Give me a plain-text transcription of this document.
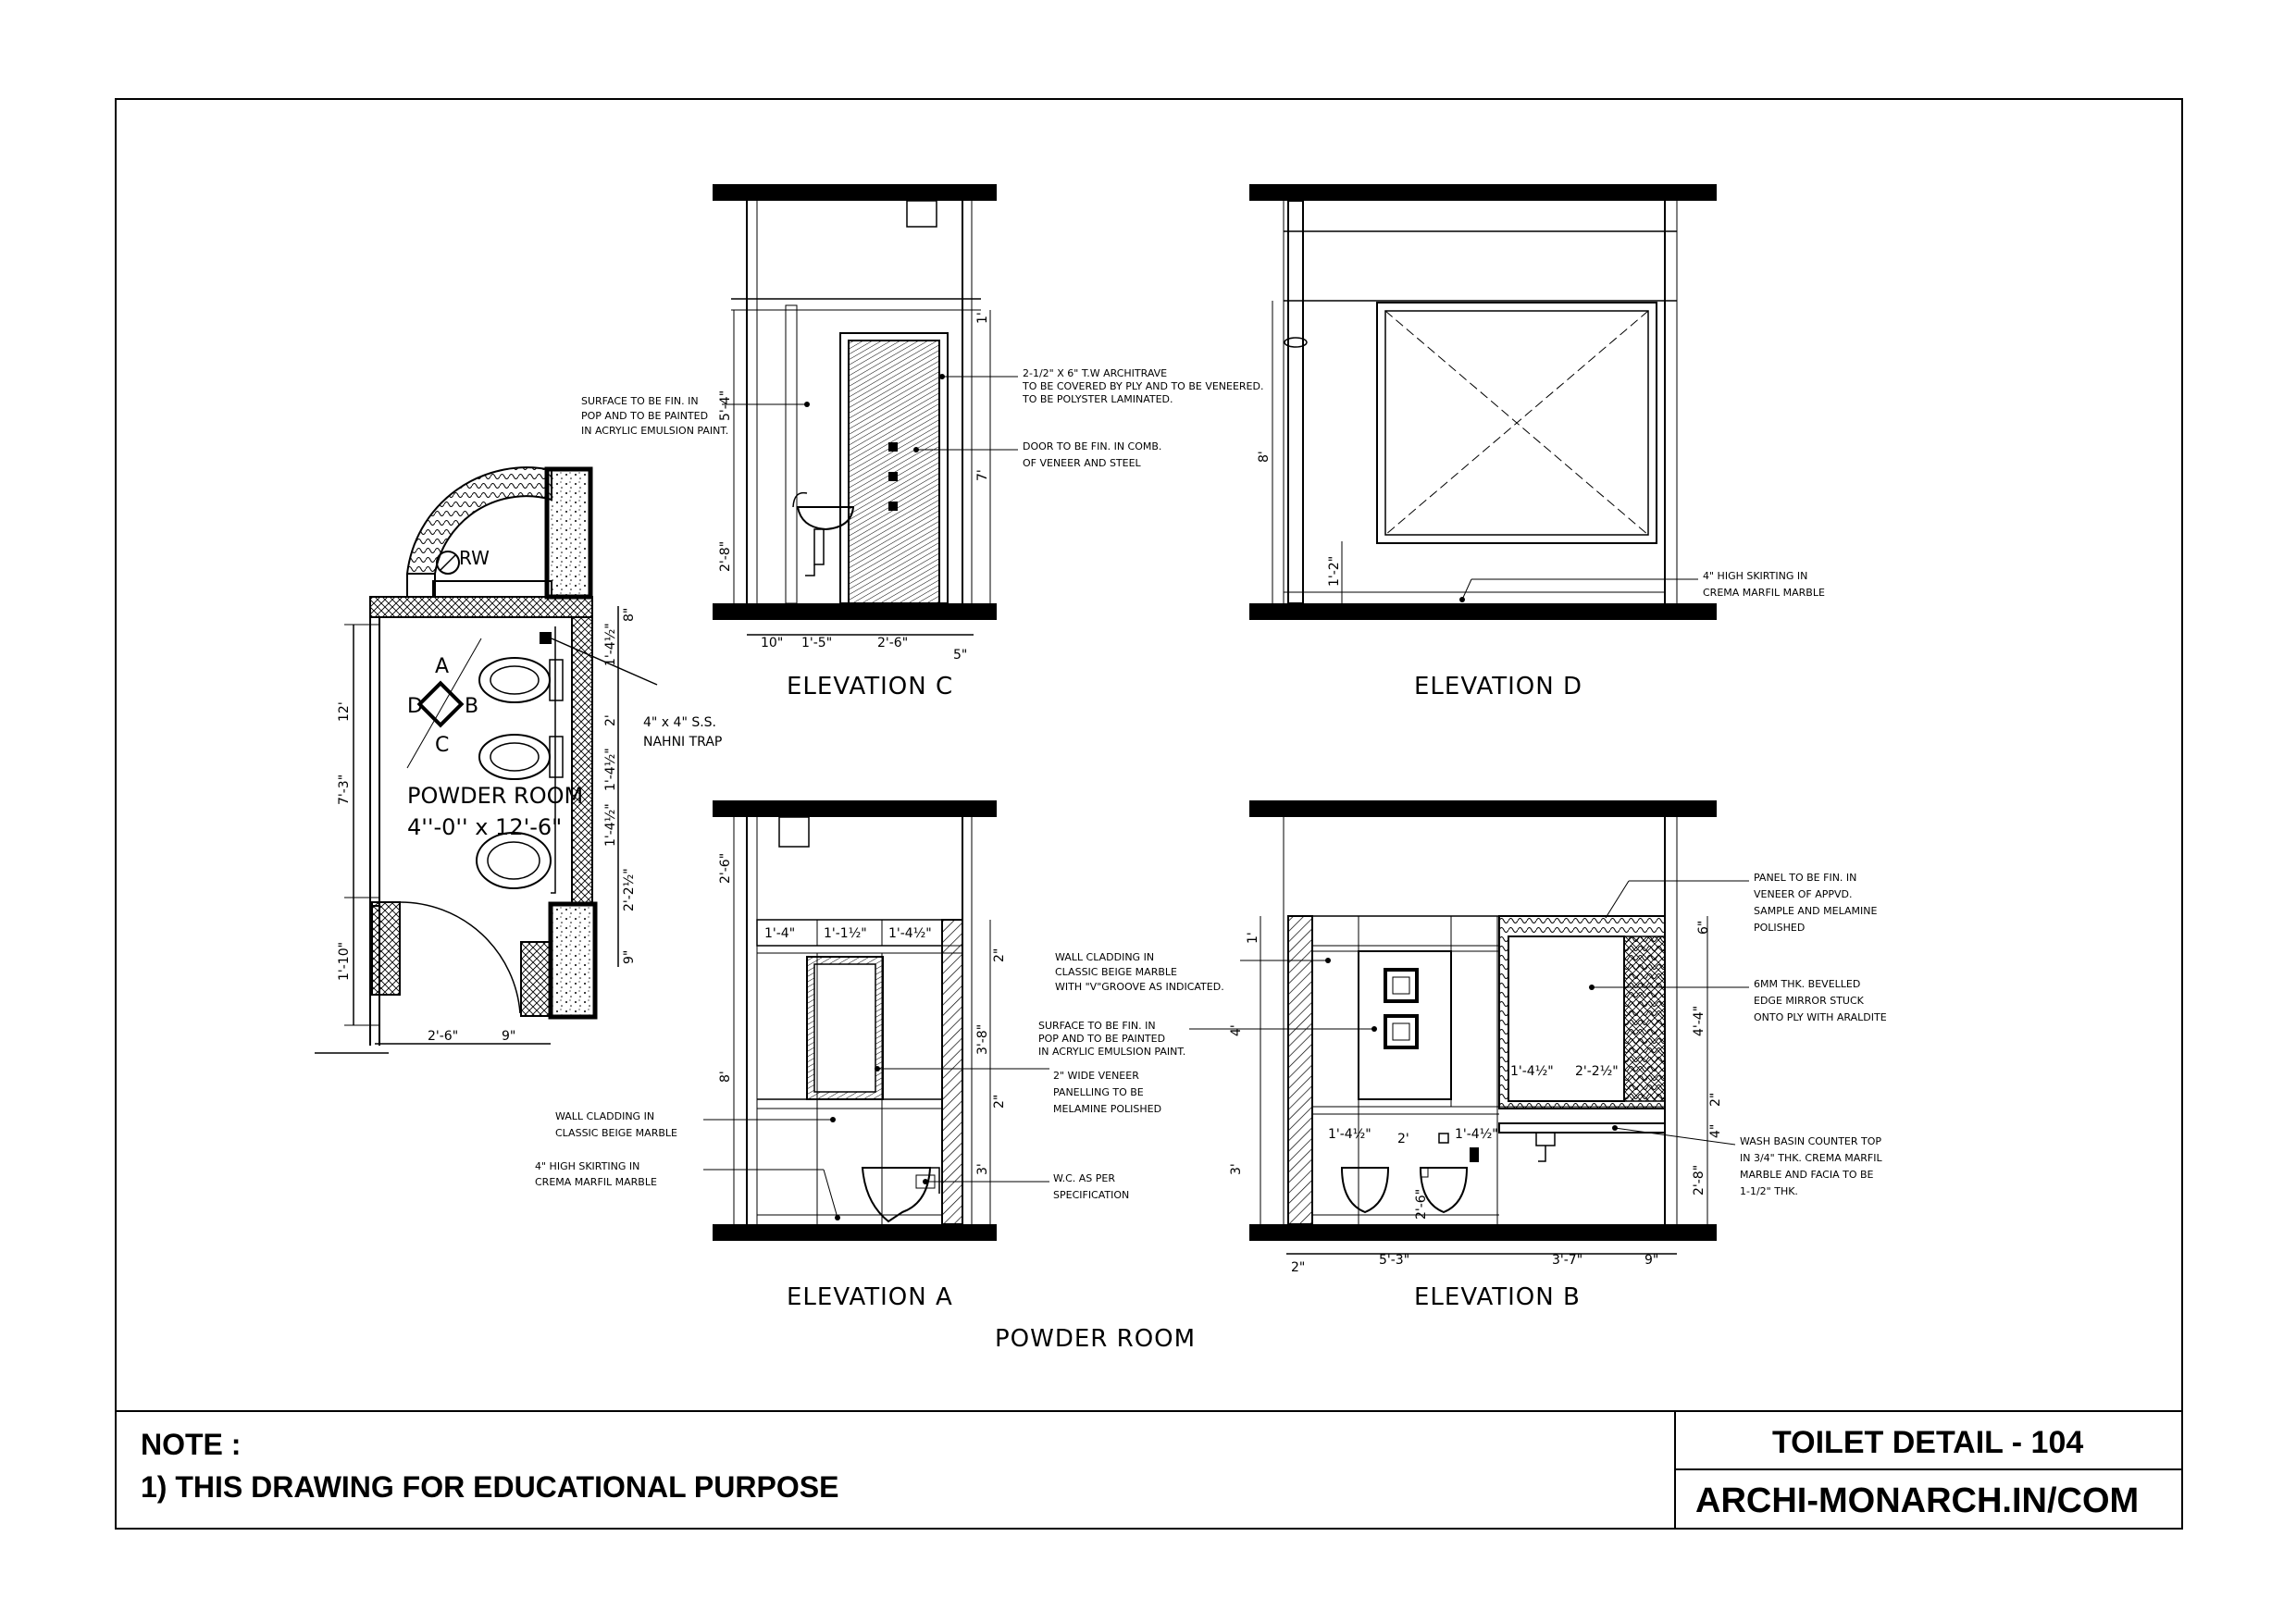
RW
4" x 4" S.S.
NAHNI TRAP
A
B
C
D
POWDER ROOM
4''-0'' x 12'-6"
12'
7'-3"
1'-10"
2'-6"	9"
8"
1'-4½"
2'
1'-4½"
1'-4½"
2'-2½"
9"
SURFACE TO BE FIN. IN
POP AND TO BE PAINTED
IN ACRYLIC EMULSION PAINT.
2-1/2" X 6" T.W ARCHITRAVE
TO BE COVERED BY PLY AND TO BE VENEERED.
TO BE POLYSTER LAMINATED.
DOOR TO BE FIN. IN COMB.
OF VENEER AND STEEL
5'-4"
2'-8"
7'
1'
10" 1'-5"	2'-6"
5"
ELEVATION C
4" HIGH SKIRTING IN
CREMA MARFIL MARBLE
8'
1'-2"
ELEVATION D
1'-4" 1'-1½" 1'-4½"
WALL CLADDING IN
CLASSIC BEIGE MARBLE
4" HIGH SKIRTING IN
CREMA MARFIL MARBLE
2" WIDE VENEER
PANELLING TO BE
MELAMINE POLISHED
W.C. AS PER
SPECIFICATION
2'-6"
8'
2"
3'-8"
2"
3'
ELEVATION A
PANEL TO BE FIN. IN
VENEER OF APPVD.
SAMPLE AND MELAMINE
POLISHED
6MM THK. BEVELLED
EDGE MIRROR STUCK
ONTO PLY WITH ARALDITE
WASH BASIN COUNTER TOP
IN 3/4" THK. CREMA MARFIL
MARBLE AND FACIA TO BE
1-1/2" THK.
WALL CLADDING IN
CLASSIC BEIGE MARBLE
WITH "V"GROOVE AS INDICATED.
SURFACE TO BE FIN. IN
POP AND TO BE PAINTED
IN ACRYLIC EMULSION PAINT.
1'
4'
3'
6"
4'-4"
2"
4"
2'-8"
1'-4½" 2'	1'-4½"
2'-6"
1'-4½" 2'-2½"
2"	5'-3"	3'-7"	9"
ELEVATION B
POWDER ROOM
NOTE :
1) THIS DRAWING FOR EDUCATIONAL PURPOSE
TOILET DETAIL - 104
ARCHI-MONARCH.IN/COM
